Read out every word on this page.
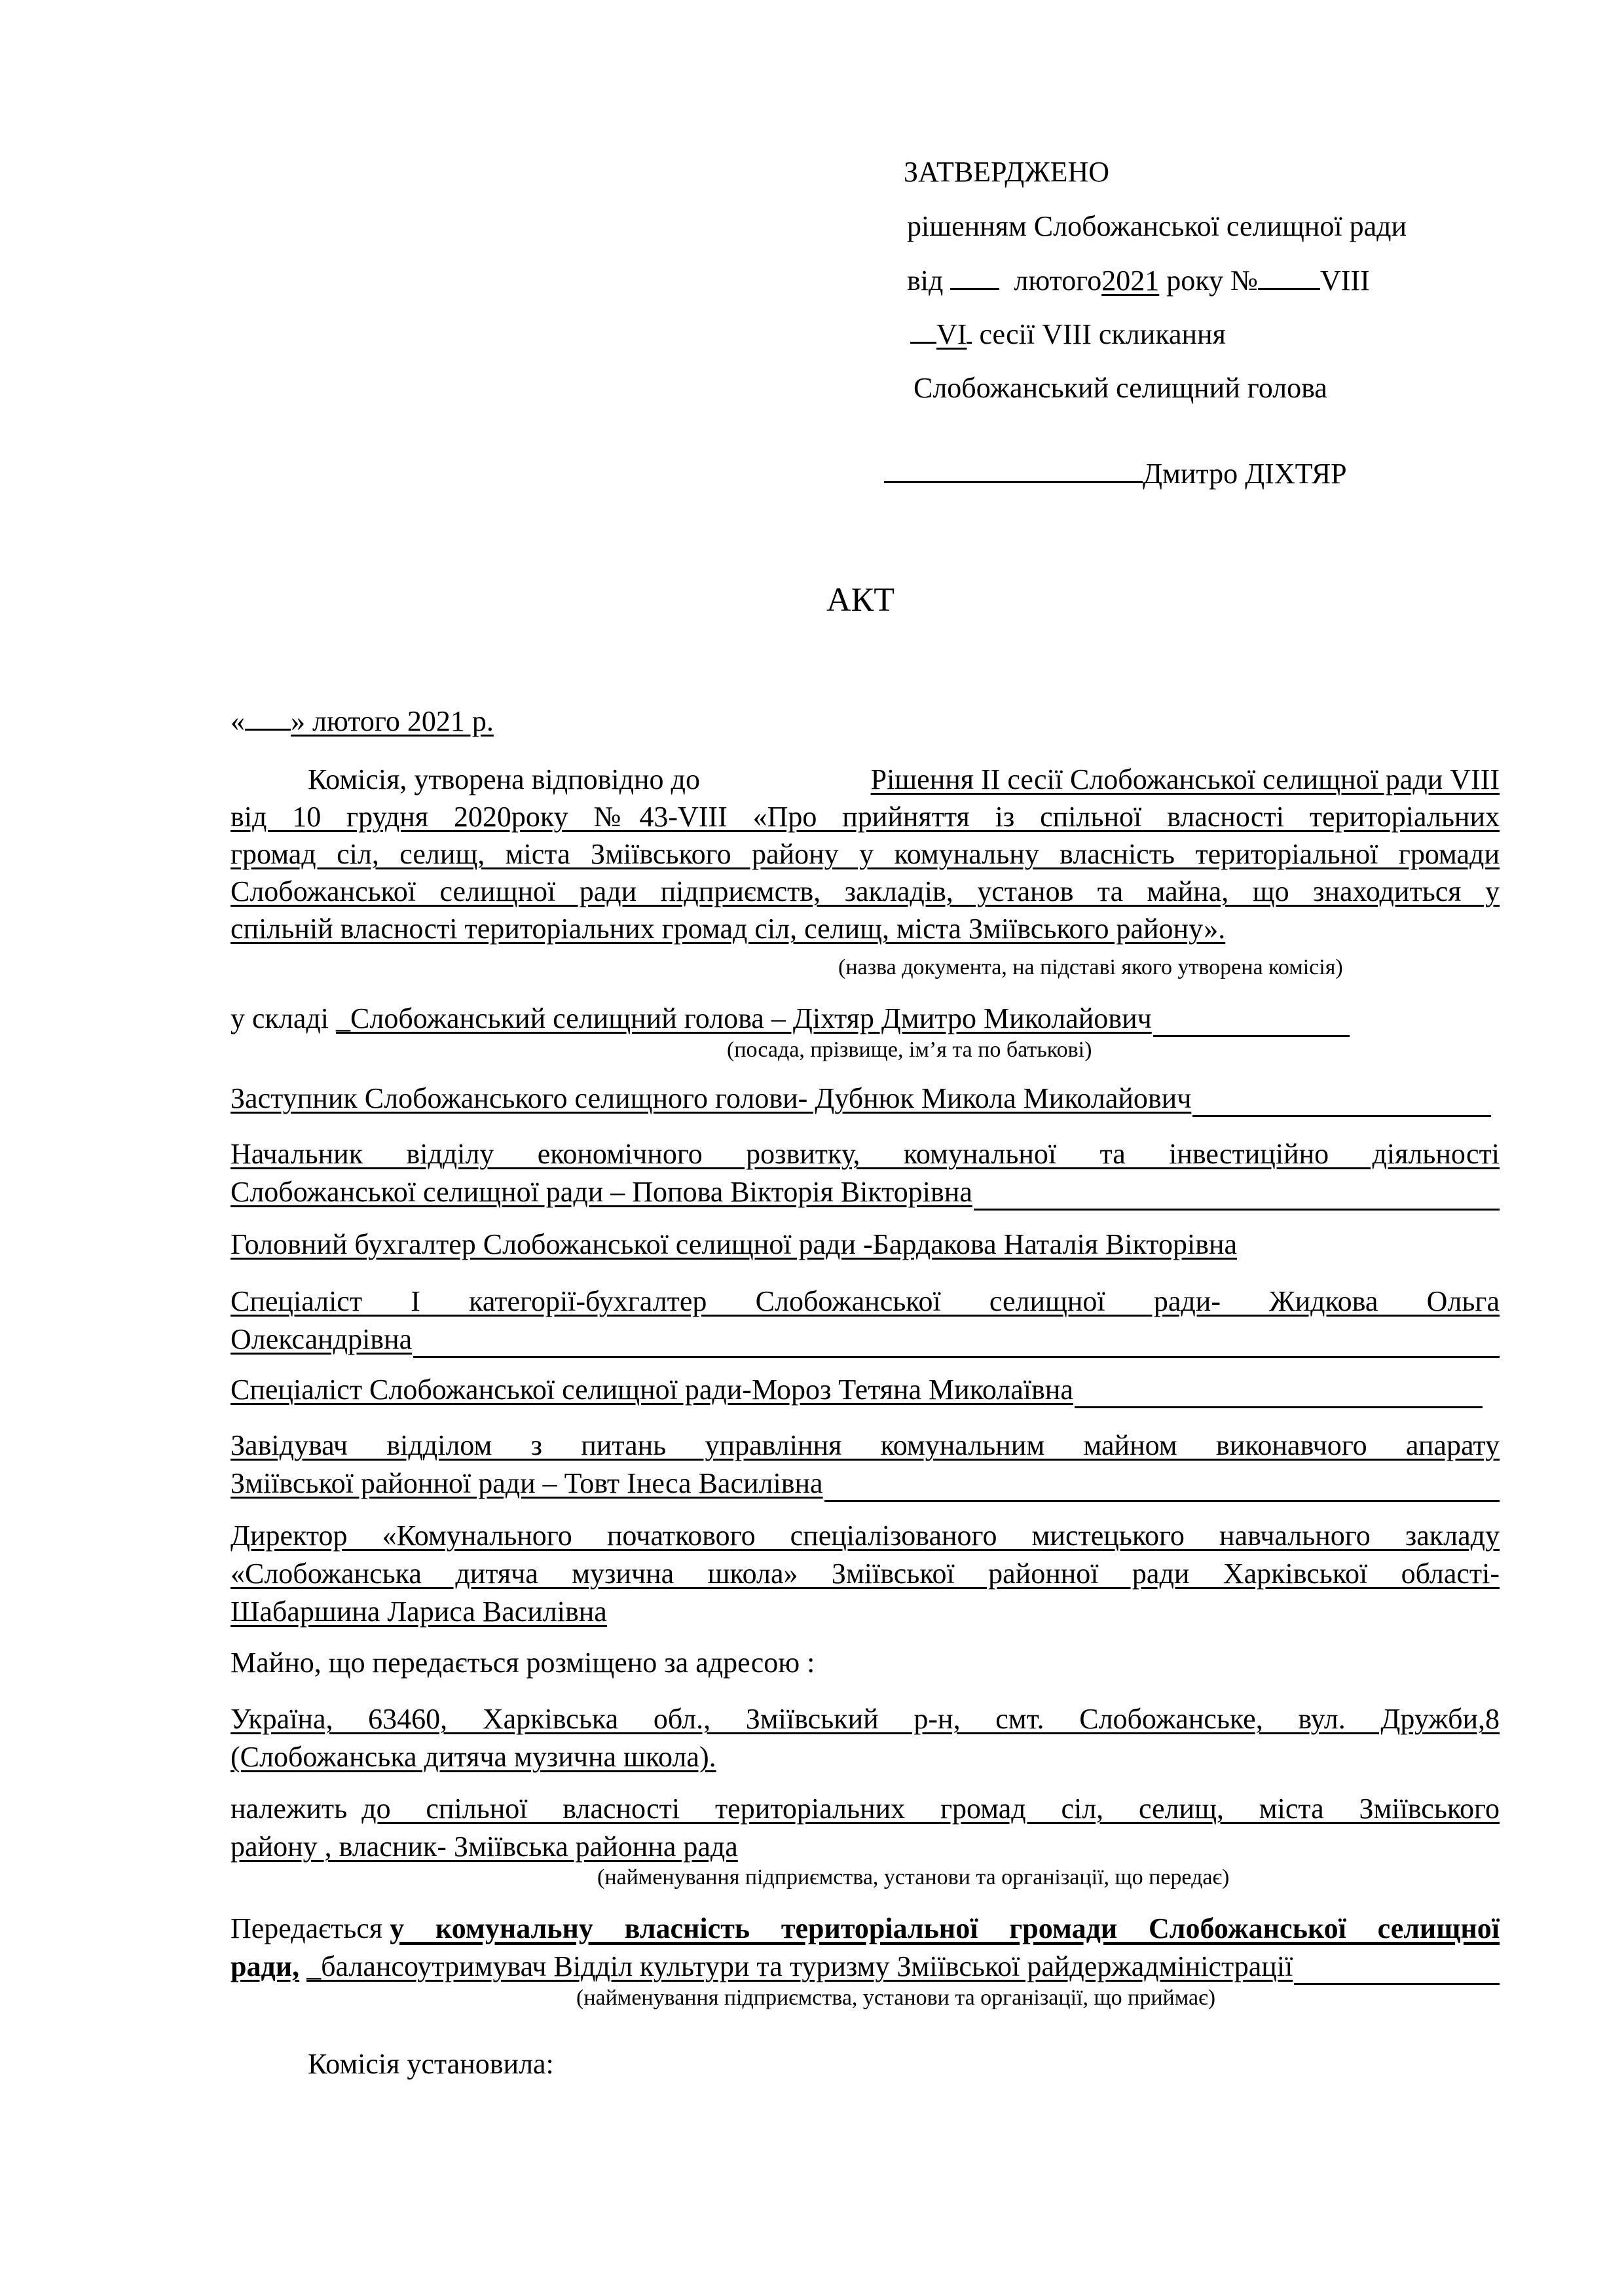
ЗАТВЕРДЖЕНО
рішенням Слобожанської селищної ради
від лютого2021 року № VIII
VI сесії VIII скликання
Слобожанський селищний голова
Дмитро ДІХТЯР
АКТ
« » лютого 2021 р.
Комісія, утворена відповідно до	Рішення ІІ сесії Слобожанської селищної ради VIII
від 10 грудня 2020року №43-VIII «Про прийняття із спільної власності територіальних
громад сіл, селищ, міста Зміївського району у комунальну власність територіальної громади
Слобожанської селищної ради підприємств, закладів, установ та майна, що знаходиться у
спільній власності територіальних громад сіл, селищ, міста Зміївського району».
(назва документа, на підставі якого утворена комісія)
у складі
_Слобожанський селищний голова – Діхтяр Дмитро Миколайович
(посада, прізвище, ім’я та по батькові)
Заступник Слобожанського селищного голови- Дубнюк Микола Миколайович
Начальник відділу економічного розвитку, комунальної та інвестиційно діяльності
Слобожанської селищної ради – Попова Вікторія Вікторівна
Головний бухгалтер Слобожанської селищної ради -Бардакова Наталія Вікторівна
Спеціаліст І категорії-бухгалтер Слобожанської селищної ради- Жидкова Ольга
Олександрівна
Спеціаліст Слобожанської селищної ради-Мороз Тетяна Миколаївна
Завідувач відділом з питань управління комунальним майном виконавчого апарату
Зміївської районної ради – Товт Інеса Василівна
Директор «Комунального початкового спеціалізованого мистецького навчального закладу
«Слобожанська дитяча музична школа» Зміївської районної ради Харківської області-
Шабаршина Лариса Василівна
Майно, що передається розміщено за адресою :
Україна, 63460, Харківська обл., Зміївський р-н, смт. Слобожанське, вул. Дружби,8
(Слобожанська дитяча музична школа).
належить
до спільної власності територіальних громад сіл, селищ, міста Зміївського
району , власник- Зміївська районна рада
(найменування підприємства, установи та організації, що передає)
Передається
у комунальну власність територіальної громади Слобожанської селищної
ради,
_балансоутримувач Відділ культури та туризму Зміївської райдержадміністрації
(найменування підприємства, установи та організації, що приймає)
Комісія установила:
